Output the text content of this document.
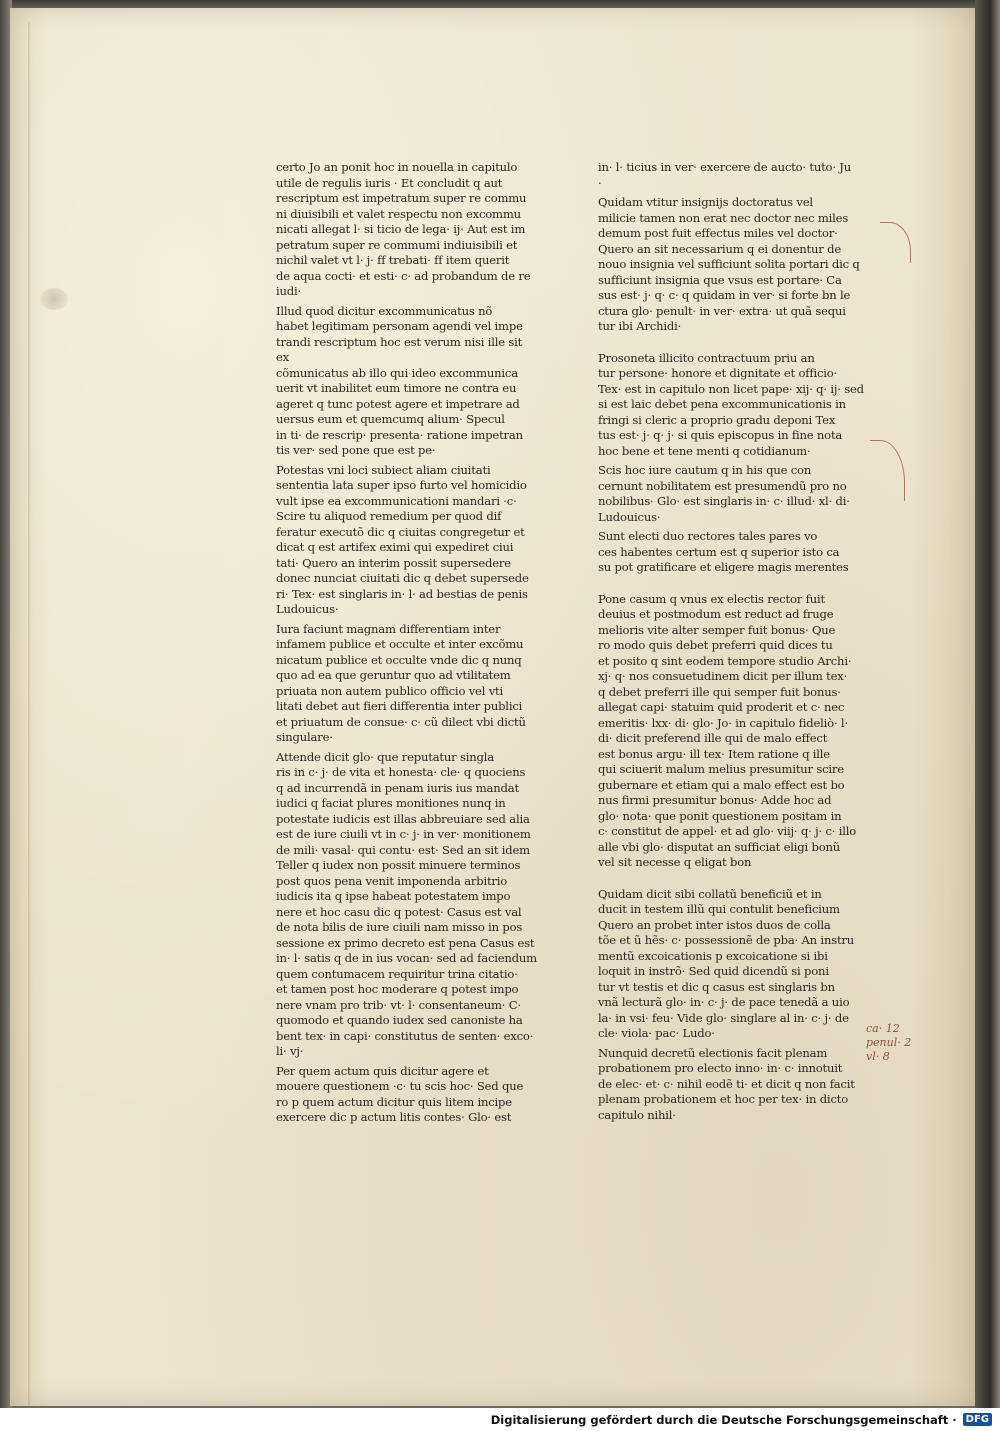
certo Jo an ponit hoc in nouella in capitulo
utile de regulis iuris · Et concludit q aut
rescriptum est impetratum super re commu
ni diuisibili et valet respectu non excommu
nicati allegat l· si ticio de lega· ij· Aut est im
petratum super re commumi indiuisibili et
nichil valet vt l· j· ff trebati· ff item querit
de aqua cocti· et esti· c· ad probandum de re
iudi·

Illud quod dicitur excommunicatus nõ
habet legitimam personam agendi vel impe
trandi rescriptum hoc est verum nisi ille sit ex
cõmunicatus ab illo qui ideo excommunica
uerit vt inabilitet eum timore ne contra eu
ageret q tunc potest agere et impetrare ad
uersus eum et quemcumq alium· Specul
in ti· de rescrip· presenta· ratione impetran
tis ver· sed pone que est pe·

Potestas vni loci subiect aliam ciuitati
sententia lata super ipso furto vel homicidio
vult ipse ea excommunicationi mandari ·c·
Scire tu aliquod remedium per quod dif
feratur executõ dic q ciuitas congregetur et
dicat q est artifex eximi qui expediret ciui
tati· Quero an interim possit supersedere
donec nunciat ciuitati dic q debet supersede
ri· Tex· est singlaris in· l· ad bestias de penis
Ludouicus·

Iura faciunt magnam differentiam inter
infamem publice et occulte et inter excõmu
nicatum publice et occulte vnde dic q nunq
quo ad ea que geruntur quo ad vtilitatem
priuata non autem publico officio vel vti
litati debet aut fieri differentia inter publici
et priuatum de consue· c· cũ dilect vbi dictũ
singulare·

Attende dicit glo· que reputatur singla
ris in c· j· de vita et honesta· cle· q quociens
q ad incurrendã in penam iuris ius mandat
iudici q faciat plures monitiones nunq in
potestate iudicis est illas abbreuiare sed alia
est de iure ciuili vt in c· j· in ver· monitionem
de mili· vasal· qui contu· est· Sed an sit idem
Teller q iudex non possit minuere terminos
post quos pena venit imponenda arbitrio
iudicis ita q ipse habeat potestatem impo
nere et hoc casu dic q potest· Casus est val
de nota bilis de iure ciuili nam misso in pos
sessione ex primo decreto est pena Casus est
in· l· satis q de in ius vocan· sed ad faciendum
quem contumacem requiritur trina citatio·
et tamen post hoc moderare q potest impo
nere vnam pro trib· vt· l· consentaneum· C·
quomodo et quando iudex sed canoniste ha
bent tex· in capi· constitutus de senten· exco·
li· vj·

Per quem actum quis dicitur agere et
mouere questionem ·c· tu scis hoc· Sed que
ro p quem actum dicitur quis litem incipe
exercere dic p actum litis contes· Glo· est

in· l· ticius in ver· exercere de aucto· tuto· Ju
·

Quidam vtitur insignijs doctoratus vel
milicie tamen non erat nec doctor nec miles
demum post fuit effectus miles vel doctor·
Quero an sit necessarium q ei donentur de
nouo insignia vel sufficiunt solita portari dic q
sufficiunt insignia que vsus est portare· Ca
sus est· j· q· c· q quidam in ver· si forte bn le
ctura glo· penult· in ver· extra· ut quã sequi
tur ibi Archidi·

Prosoneta illicito contractuum priu an
tur persone· honore et dignitate et officio·
Tex· est in capitulo non licet pape· xij· q· ij· sed
si est laic debet pena excommunicationis in
fringi si cleric a proprio gradu deponi Tex
tus est· j· q· j· si quis episcopus in fine nota
hoc bene et tene menti q cotidianum·

Scis hoc iure cautum q in his que con
cernunt nobilitatem est presumendũ pro no
nobilibus· Glo· est singlaris in· c· illud· xl· di·
Ludouicus·

Sunt electi duo rectores tales pares vo
ces habentes certum est q superior isto ca
su pot gratificare et eligere magis merentes

Pone casum q vnus ex electis rector fuit
deuius et postmodum est reduct ad fruge
melioris vite alter semper fuit bonus· Que
ro modo quis debet preferri quid dices tu
et posito q sint eodem tempore studio Archi·
xj· q· nos consuetudinem dicit per illum tex·
q debet preferri ille qui semper fuit bonus·
allegat capi· statuim quid proderit et c· nec
emeritis· lxx· di· glo· Jo· in capitulo fideliò· l·
di· dicit preferend ille qui de malo effect
est bonus argu· ill tex· Item ratione q ille
qui sciuerit malum melius presumitur scire
gubernare et etiam qui a malo effect est bo
nus firmi presumitur bonus· Adde hoc ad
glo· nota· que ponit questionem positam in
c· constitut de appel· et ad glo· viij· q· j· c· illo
alle vbi glo· disputat an sufficiat eligi bonũ
vel sit necesse q eligat bon

Quidam dicit sibi collatũ beneficiũ et in
ducit in testem illũ qui contulit beneficium
Quero an probet inter istos duos de colla
tõe et ũ hẽs· c· possessionẽ de pba· An instru
mentũ excoicationis p excoicatione si ibi
loquit in instrõ· Sed quid dicendũ si poni
tur vt testis et dic q casus est singlaris bn
vnã lecturã glo· in· c· j· de pace tenedã a uio
la· in vsi· feu· Vide glo· singlare al in· c· j· de
cle· viola· pac· Ludo·

Nunquid decretũ electionis facit plenam
probationem pro electo inno· in· c· innotuit
de elec· et· c· nihil eodẽ ti· et dicit q non facit
plenam probationem et hoc per tex· in dicto
capitulo nihil·

ca· 12
penul· 2
vl· 8
Digitalisierung gefördert durch die Deutsche Forschungsgemeinschaft · DFG
